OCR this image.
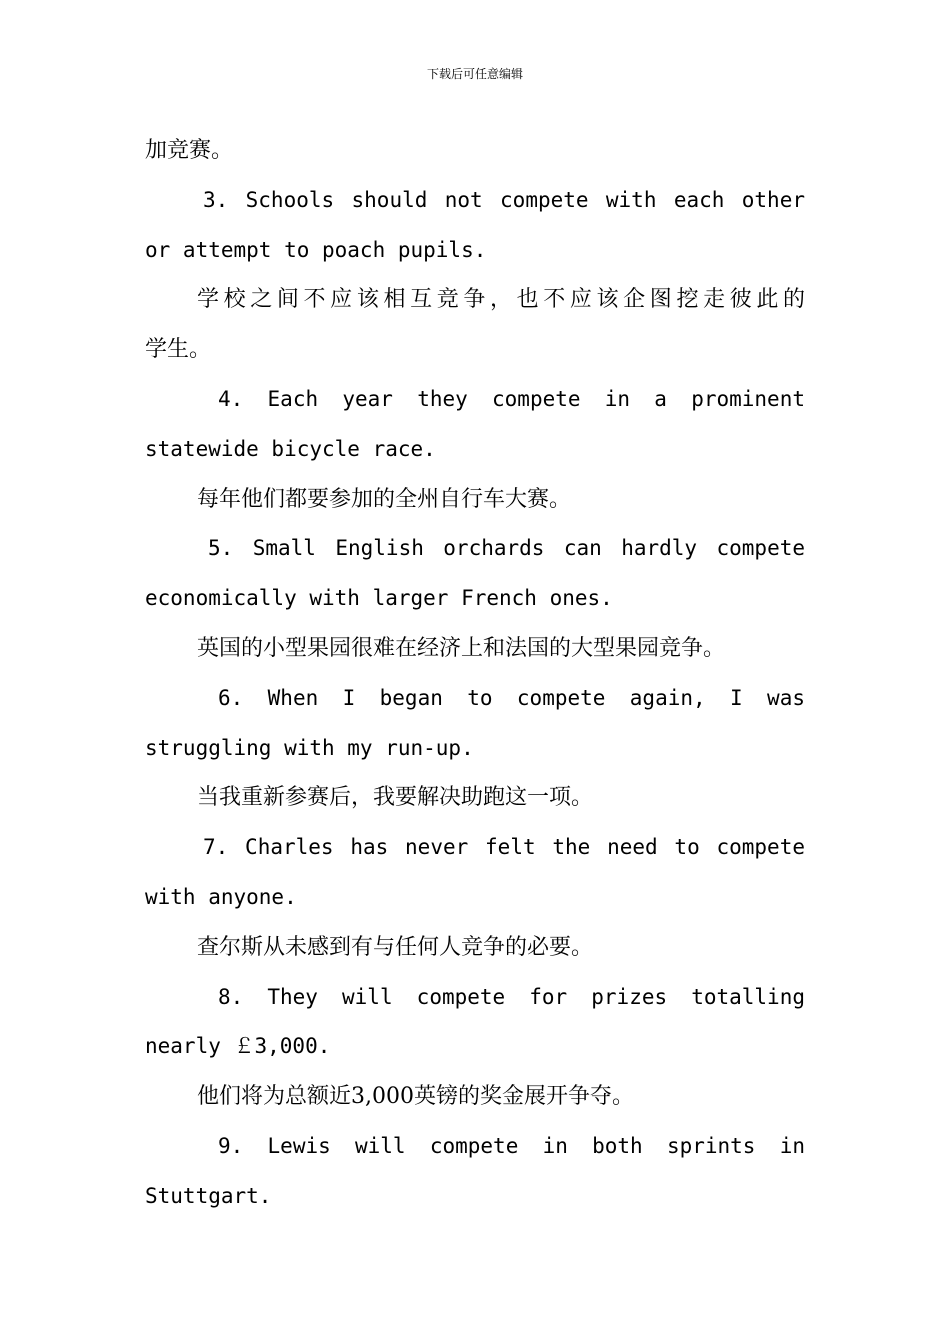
下载后可任意编辑
加竞赛。
3. Schools should not compete with each other
or attempt to poach pupils.
学校之间不应该相互竞争，也不应该企图挖走彼此的
学生。
4. Each year they compete in a prominent
statewide bicycle race.
每年他们都要参加的全州自行车大赛。
5. Small English orchards can hardly compete
economically with larger French ones.
英国的小型果园很难在经济上和法国的大型果园竞争。
6. When I began to compete again, I was
struggling with my run-up.
当我重新参赛后，我要解决助跑这一项。
7. Charles has never felt the need to compete
with anyone.
查尔斯从未感到有与任何人竞争的必要。
8. They will compete for prizes totalling
nearly ￡3,000.
他们将为总额近3,000英镑的奖金展开争夺。
9. Lewis will compete in both sprints in
Stuttgart.
